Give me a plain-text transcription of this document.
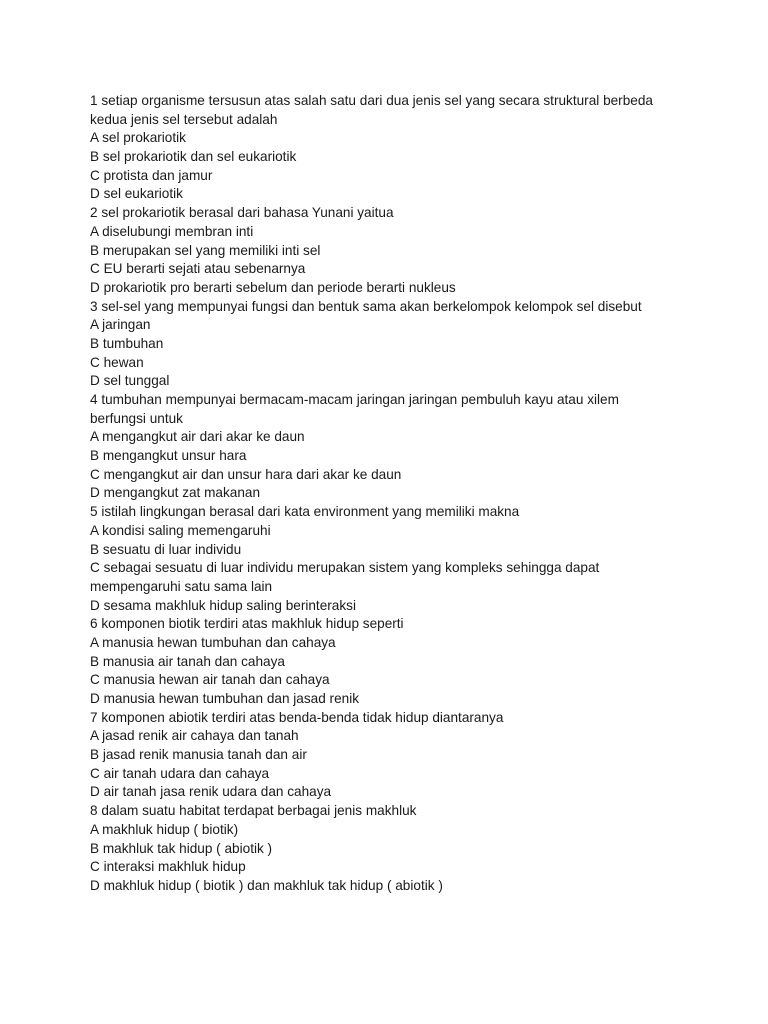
1 setiap organisme tersusun atas salah satu dari dua jenis sel yang secara struktural berbeda
kedua jenis sel tersebut adalah
A sel prokariotik
B sel prokariotik dan sel eukariotik
C protista dan jamur
D sel eukariotik
2 sel prokariotik berasal dari bahasa Yunani yaitua
A diselubungi membran inti
B merupakan sel yang memiliki inti sel
C EU berarti sejati atau sebenarnya
D prokariotik pro berarti sebelum dan periode berarti nukleus
3 sel-sel yang mempunyai fungsi dan bentuk sama akan berkelompok kelompok sel disebut
A jaringan
B tumbuhan
C hewan
D sel tunggal
4 tumbuhan mempunyai bermacam-macam jaringan jaringan pembuluh kayu atau xilem
berfungsi untuk
A mengangkut air dari akar ke daun
B mengangkut unsur hara
C mengangkut air dan unsur hara dari akar ke daun
D mengangkut zat makanan
5 istilah lingkungan berasal dari kata environment yang memiliki makna
A kondisi saling memengaruhi
B sesuatu di luar individu
C sebagai sesuatu di luar individu merupakan sistem yang kompleks sehingga dapat
mempengaruhi satu sama lain
D sesama makhluk hidup saling berinteraksi
6 komponen biotik terdiri atas makhluk hidup seperti
A manusia hewan tumbuhan dan cahaya
B manusia air tanah dan cahaya
C manusia hewan air tanah dan cahaya
D manusia hewan tumbuhan dan jasad renik
7 komponen abiotik terdiri atas benda-benda tidak hidup diantaranya
A jasad renik air cahaya dan tanah
B jasad renik manusia tanah dan air
C air tanah udara dan cahaya
D air tanah jasa renik udara dan cahaya
8 dalam suatu habitat terdapat berbagai jenis makhluk
A makhluk hidup ( biotik)
B makhluk tak hidup ( abiotik )
C interaksi makhluk hidup
D makhluk hidup ( biotik ) dan makhluk tak hidup ( abiotik )
